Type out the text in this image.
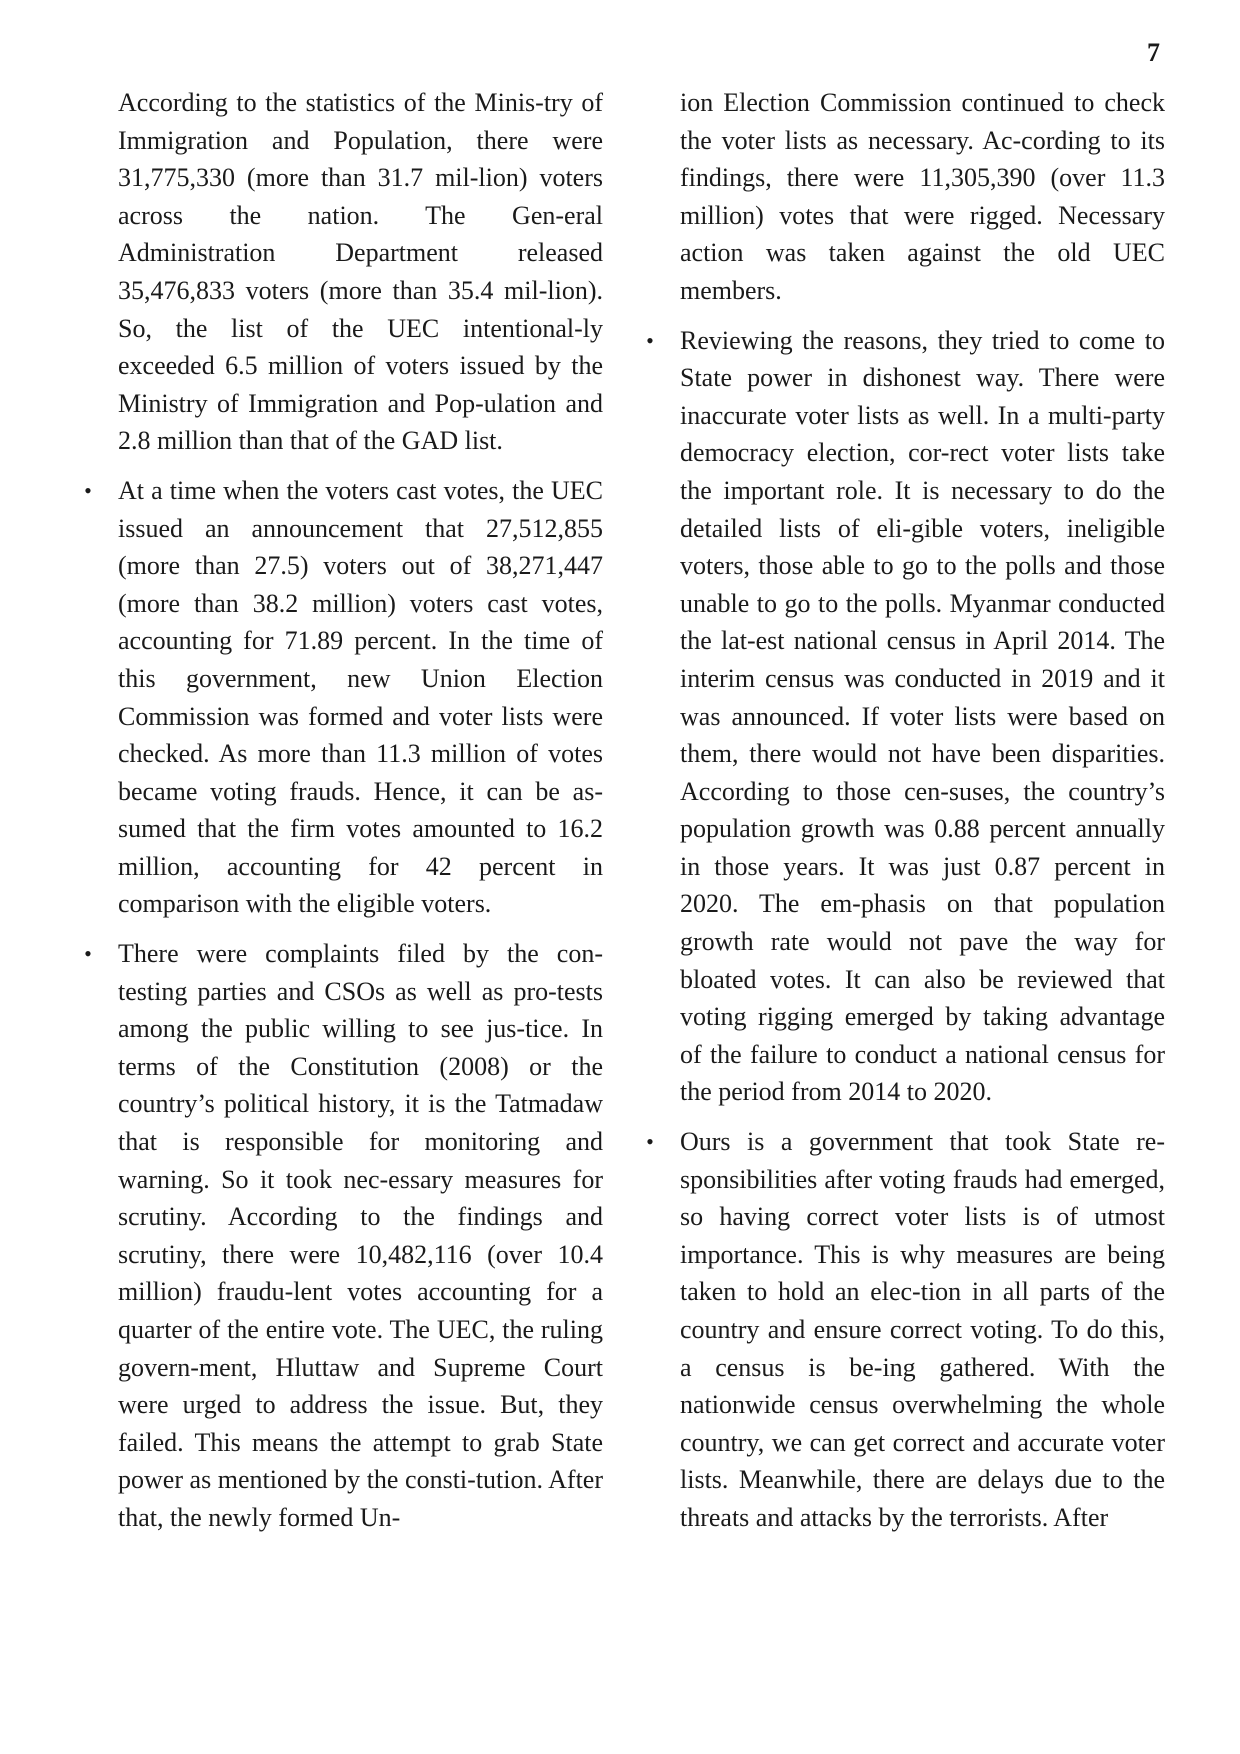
7

According to the statistics of the Minis-try of Immigration and Population, there were 31,775,330 (more than 31.7 mil-lion) voters across the nation. The Gen-eral Administration Department released 35,476,833 voters (more than 35.4 mil-lion). So, the list of the UEC intentional-ly exceeded 6.5 million of voters issued by the Ministry of Immigration and Pop-ulation and 2.8 million than that of the GAD list.

• At a time when the voters cast votes, the UEC issued an announcement that 27,512,855 (more than 27.5) voters out of 38,271,447 (more than 38.2 million) voters cast votes, accounting for 71.89 percent. In the time of this government, new Union Election Commission was formed and voter lists were checked. As more than 11.3 million of votes became voting frauds. Hence, it can be as-sumed that the firm votes amounted to 16.2 million, accounting for 42 percent in comparison with the eligible voters.

• There were complaints filed by the con-testing parties and CSOs as well as pro-tests among the public willing to see jus-tice. In terms of the Constitution (2008) or the country’s political history, it is the Tatmadaw that is responsible for monitoring and warning. So it took nec-essary measures for scrutiny. According to the findings and scrutiny, there were 10,482,116 (over 10.4 million) fraudu-lent votes accounting for a quarter of the entire vote. The UEC, the ruling govern-ment, Hluttaw and Supreme Court were urged to address the issue. But, they failed. This means the attempt to grab State power as mentioned by the consti-tution. After that, the newly formed Un-

ion Election Commission continued to check the voter lists as necessary. Ac-cording to its findings, there were 11,305,390 (over 11.3 million) votes that were rigged. Necessary action was taken against the old UEC members.

• Reviewing the reasons, they tried to come to State power in dishonest way. There were inaccurate voter lists as well. In a multi-party democracy election, cor-rect voter lists take the important role. It is necessary to do the detailed lists of eli-gible voters, ineligible voters, those able to go to the polls and those unable to go to the polls. Myanmar conducted the lat-est national census in April 2014. The interim census was conducted in 2019 and it was announced. If voter lists were based on them, there would not have been disparities. According to those cen-suses, the country’s population growth was 0.88 percent annually in those years. It was just 0.87 percent in 2020. The em-phasis on that population growth rate would not pave the way for bloated votes. It can also be reviewed that voting rigging emerged by taking advantage of the failure to conduct a national census for the period from 2014 to 2020.

• Ours is a government that took State re-sponsibilities after voting frauds had emerged, so having correct voter lists is of utmost importance. This is why measures are being taken to hold an elec-tion in all parts of the country and ensure correct voting. To do this, a census is be-ing gathered. With the nationwide census overwhelming the whole country, we can get correct and accurate voter lists. Meanwhile, there are delays due to the threats and attacks by the terrorists. After
